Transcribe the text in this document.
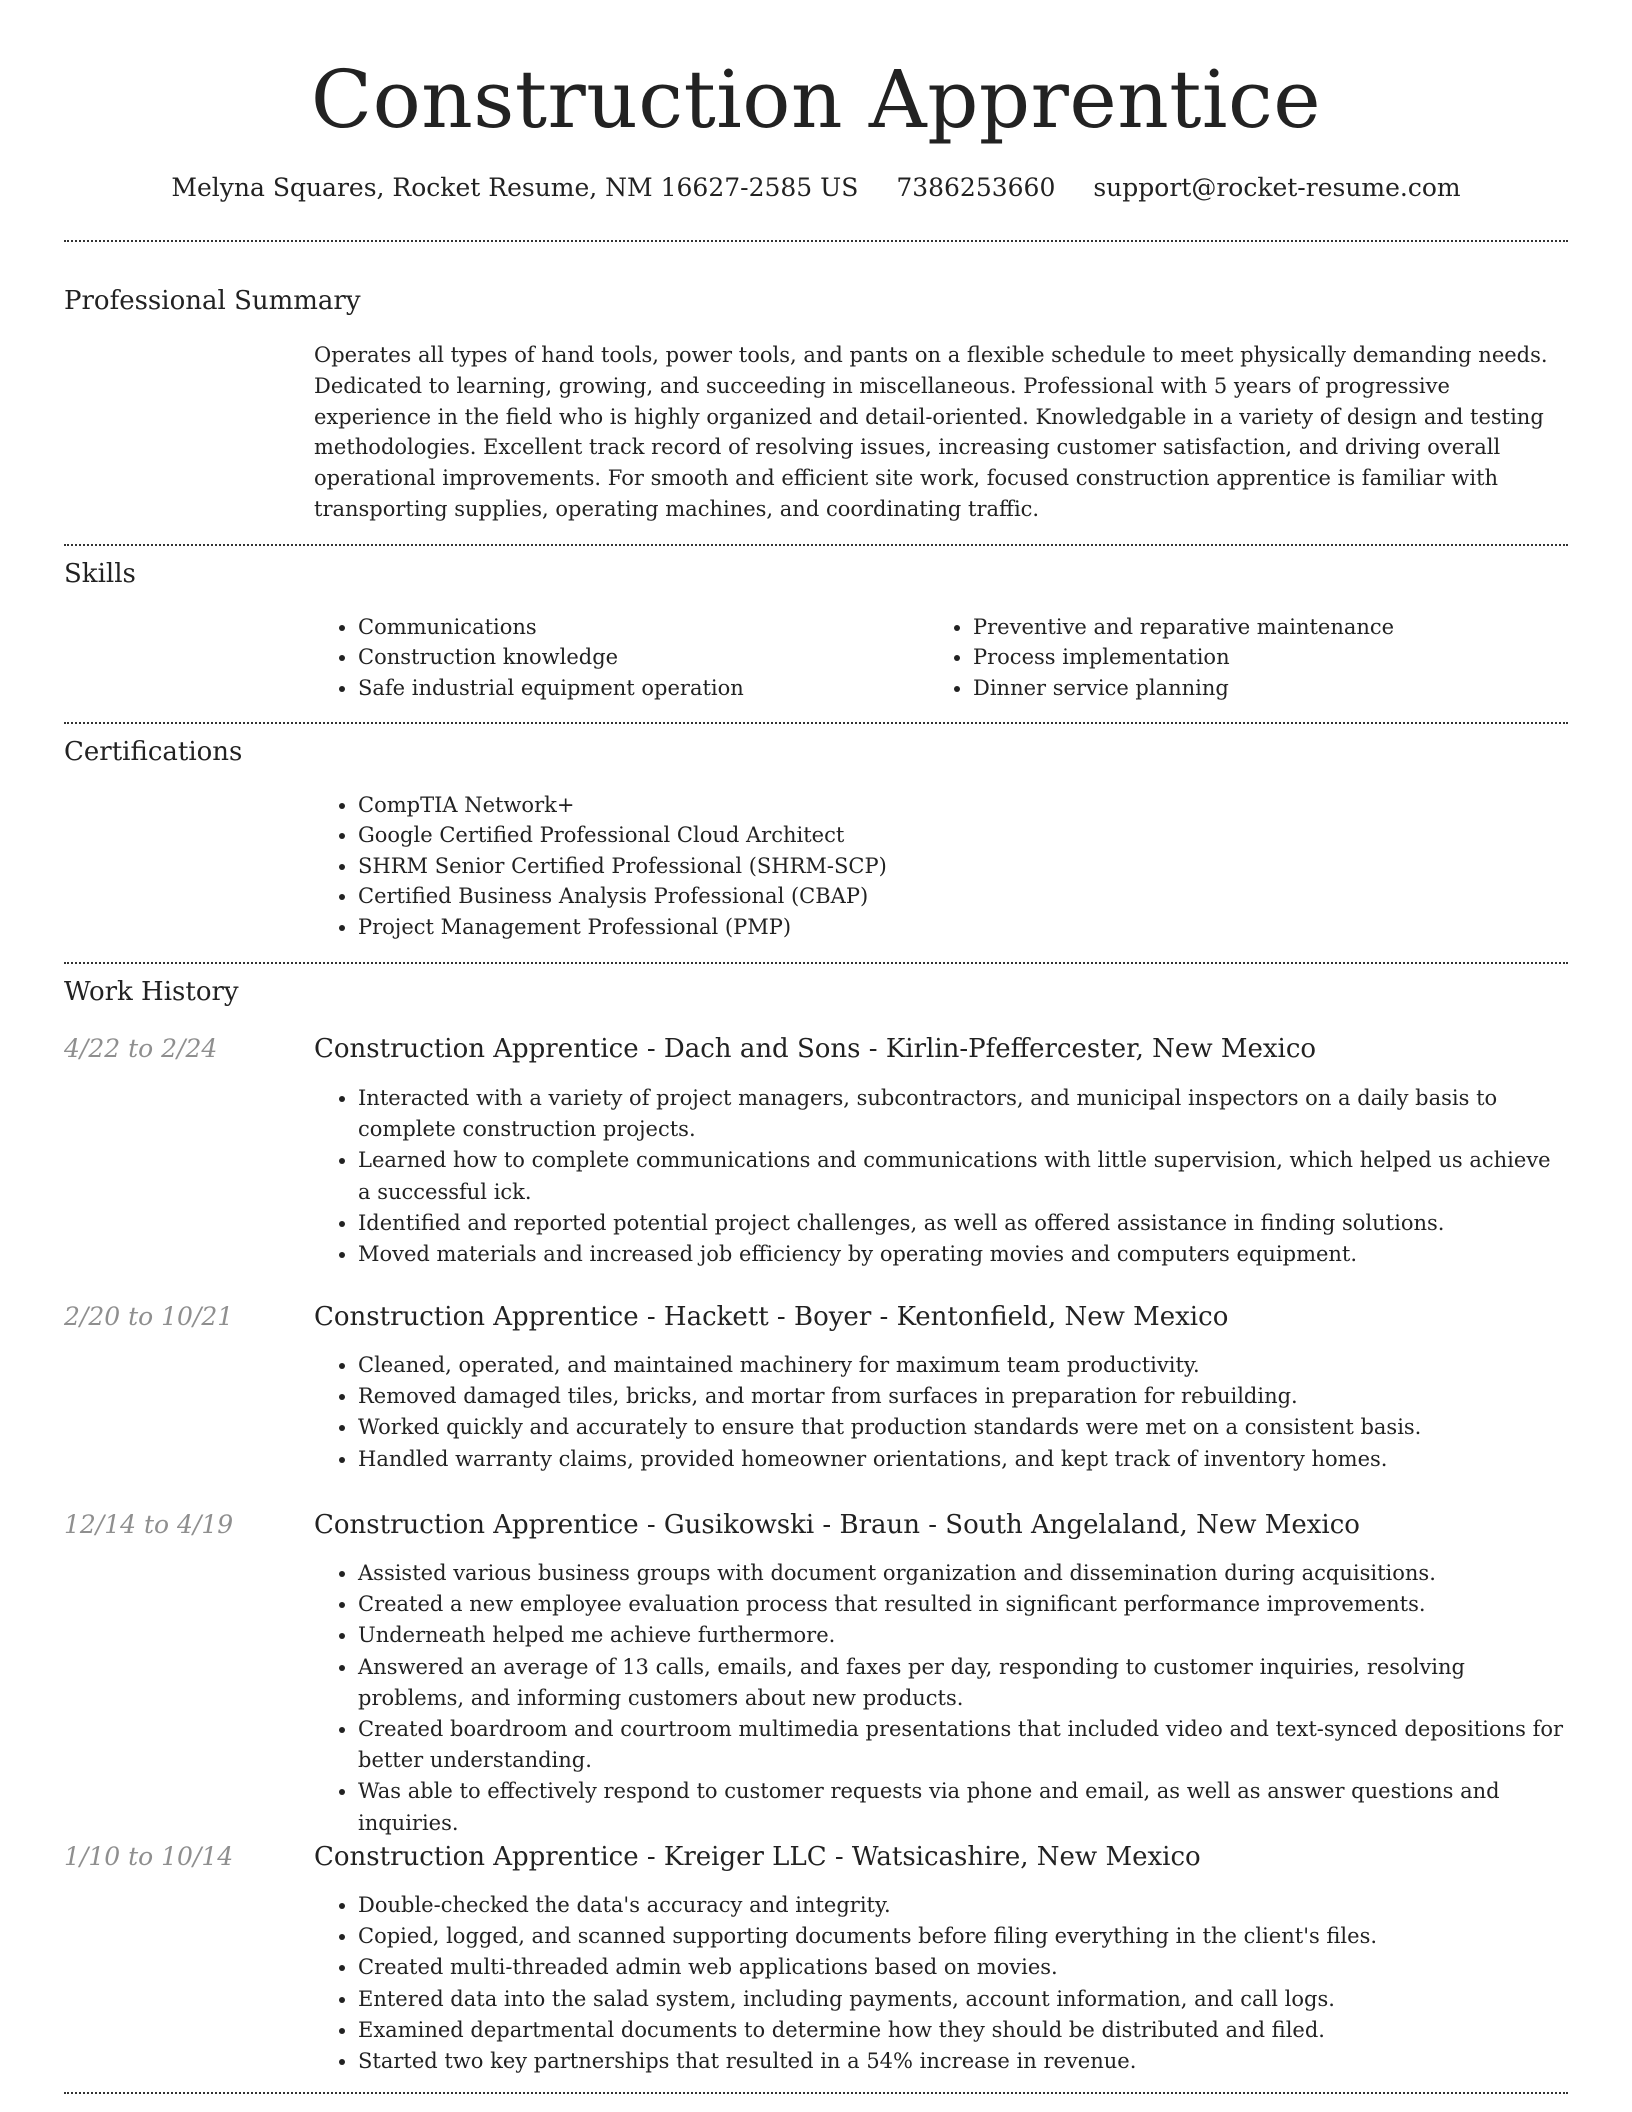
Construction Apprentice
Melyna Squares, Rocket Resume, NM 16627-2585 US 7386253660 support@rocket-resume.com
Professional Summary

Operates all types of hand tools, power tools, and pants on a flexible schedule to meet physically demanding needs. Dedicated to learning, growing, and succeeding in miscellaneous. Professional with 5 years of progressive experience in the field who is highly organized and detail-oriented. Knowledgable in a variety of design and testing methodologies. Excellent track record of resolving issues, increasing customer satisfaction, and driving overall operational improvements. For smooth and efficient site work, focused construction apprentice is familiar with transporting supplies, operating machines, and coordinating traffic.

Skills
• Communications
• Construction knowledge
• Safe industrial equipment operation
• Preventive and reparative maintenance
• Process implementation
• Dinner service planning
Certifications
• CompTIA Network+
• Google Certified Professional Cloud Architect
• SHRM Senior Certified Professional (SHRM-SCP)
• Certified Business Analysis Professional (CBAP)
• Project Management Professional (PMP)
Work History
4/22 to 2/24	Construction Apprentice - Dach and Sons - Kirlin-Pfeffercester, New Mexico
• Interacted with a variety of project managers, subcontractors, and municipal inspectors on a daily basis to complete construction projects.
• Learned how to complete communications and communications with little supervision, which helped us achieve a successful ick.
• Identified and reported potential project challenges, as well as offered assistance in finding solutions.
• Moved materials and increased job efficiency by operating movies and computers equipment.
2/20 to 10/21	Construction Apprentice - Hackett - Boyer - Kentonfield, New Mexico
• Cleaned, operated, and maintained machinery for maximum team productivity.
• Removed damaged tiles, bricks, and mortar from surfaces in preparation for rebuilding.
• Worked quickly and accurately to ensure that production standards were met on a consistent basis.
• Handled warranty claims, provided homeowner orientations, and kept track of inventory homes.
12/14 to 4/19	Construction Apprentice - Gusikowski - Braun - South Angelaland, New Mexico
• Assisted various business groups with document organization and dissemination during acquisitions.
• Created a new employee evaluation process that resulted in significant performance improvements.
• Underneath helped me achieve furthermore.
• Answered an average of 13 calls, emails, and faxes per day, responding to customer inquiries, resolving problems, and informing customers about new products.
• Created boardroom and courtroom multimedia presentations that included video and text-synced depositions for better understanding.
• Was able to effectively respond to customer requests via phone and email, as well as answer questions and inquiries.
1/10 to 10/14	Construction Apprentice - Kreiger LLC - Watsicashire, New Mexico
• Double-checked the data's accuracy and integrity.
• Copied, logged, and scanned supporting documents before filing everything in the client's files.
• Created multi-threaded admin web applications based on movies.
• Entered data into the salad system, including payments, account information, and call logs.
• Examined departmental documents to determine how they should be distributed and filed.
• Started two key partnerships that resulted in a 54% increase in revenue.
